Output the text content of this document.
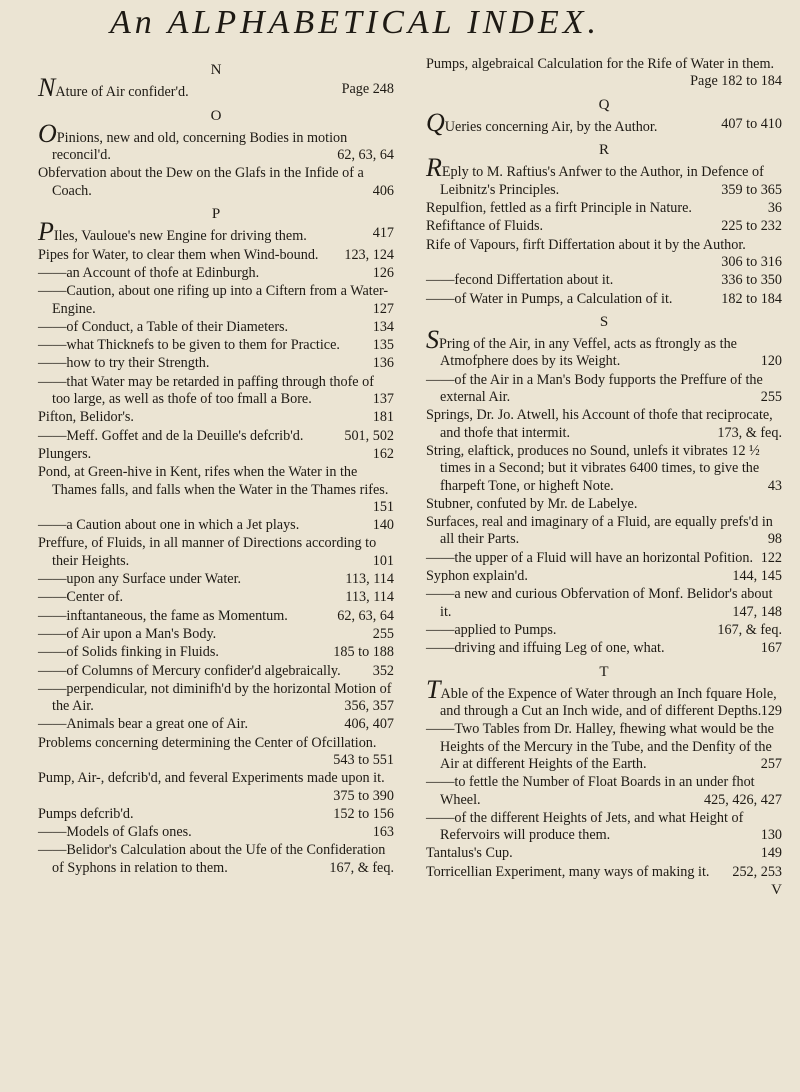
An ALPHABETICAL INDEX.
N
NAture of Air confider'd.	Page 248
O
OPinions, new and old, concerning Bodies in motion reconcil'd.	62, 63, 64
Obfervation about the Dew on the Glafs in the Infide of a Coach.	406
P
PIles, Vauloue's new Engine for driving them.	417
Pipes for Water, to clear them when Wind-bound. 123, 124
——an Account of thofe at Edinburgh.	126
——Caution, about one rifing up into a Ciftern from a Water-Engine.	127
——of Conduct, a Table of their Diameters.	134
——what Thicknefs to be given to them for Practice. 135
——how to try their Strength.	136
——that Water may be retarded in paffing through thofe of too large, as well as thofe of too fmall a Bore.	137
Pifton, Belidor's.	181
——Meff. Goffet and de la Deuille's defcrib'd.	501, 502
Plungers.	162
Pond, at Green-hive in Kent, rifes when the Water in the Thames falls, and falls when the Water in the Thames rifes.
151
——a Caution about one in which a Jet plays.	140
Preffure, of Fluids, in all manner of Directions according to their Heights.	101
——upon any Surface under Water.	113, 114
——Center of.	113, 114
——inftantaneous, the fame as Momentum.	62, 63, 64
——of Air upon a Man's Body.	255
——of Solids finking in Fluids.	185 to 188
——of Columns of Mercury confider'd algebraically. 352
——perpendicular, not diminifh'd by the horizontal Motion of the Air.	356, 357
——Animals bear a great one of Air.	406, 407
Problems concerning determining the Center of Ofcillation.
543 to 551
Pump, Air-, defcrib'd, and feveral Experiments made upon it.
375 to 390
Pumps defcrib'd.	152 to 156
——Models of Glafs ones.	163
——Belidor's Calculation about the Ufe of the Confideration of Syphons in relation to them.	167, & feq.
Pumps, algebraical Calculation for the Rife of Water in them.
Page 182 to 184
Q
QUeries concerning Air, by the Author.	407 to 410
R
REply to M. Raftius's Anfwer to the Author, in Defence of Leibnitz's Principles.	359 to 365
Repulfion, fettled as a firft Principle in Nature.	36
Refiftance of Fluids.	225 to 232
Rife of Vapours, firft Differtation about it by the Author.
306 to 316
——fecond Differtation about it.	336 to 350
——of Water in Pumps, a Calculation of it.	182 to 184
S
SPring of the Air, in any Veffel, acts as ftrongly as the Atmofphere does by its Weight.	120
——of the Air in a Man's Body fupports the Preffure of the external Air.	255
Springs, Dr. Jo. Atwell, his Account of thofe that reciprocate, and thofe that intermit.	173, & feq.
String, elaftick, produces no Sound, unlefs it vibrates 12 ½ times in a Second; but it vibrates 6400 times, to give the fharpeft Tone, or higheft Note.	43
Stubner, confuted by Mr. de Labelye.
Surfaces, real and imaginary of a Fluid, are equally prefs'd in all their Parts.	98
——the upper of a Fluid will have an horizontal Pofition. 122
Syphon explain'd.	144, 145
——a new and curious Obfervation of Monf. Belidor's about it.	147, 148
——applied to Pumps.	167, & feq.
——driving and iffuing Leg of one, what.	167
T
TAble of the Expence of Water through an Inch fquare Hole, and through a Cut an Inch wide, and of different Depths. 129
——Two Tables from Dr. Halley, fhewing what would be the Heights of the Mercury in the Tube, and the Denfity of the Air at different Heights of the Earth.	257
——to fettle the Number of Float Boards in an under fhot Wheel.	425, 426, 427
——of the different Heights of Jets, and what Height of Refervoirs will produce them.	130
Tantalus's Cup.	149
Torricellian Experiment, many ways of making it. 252, 253
V
